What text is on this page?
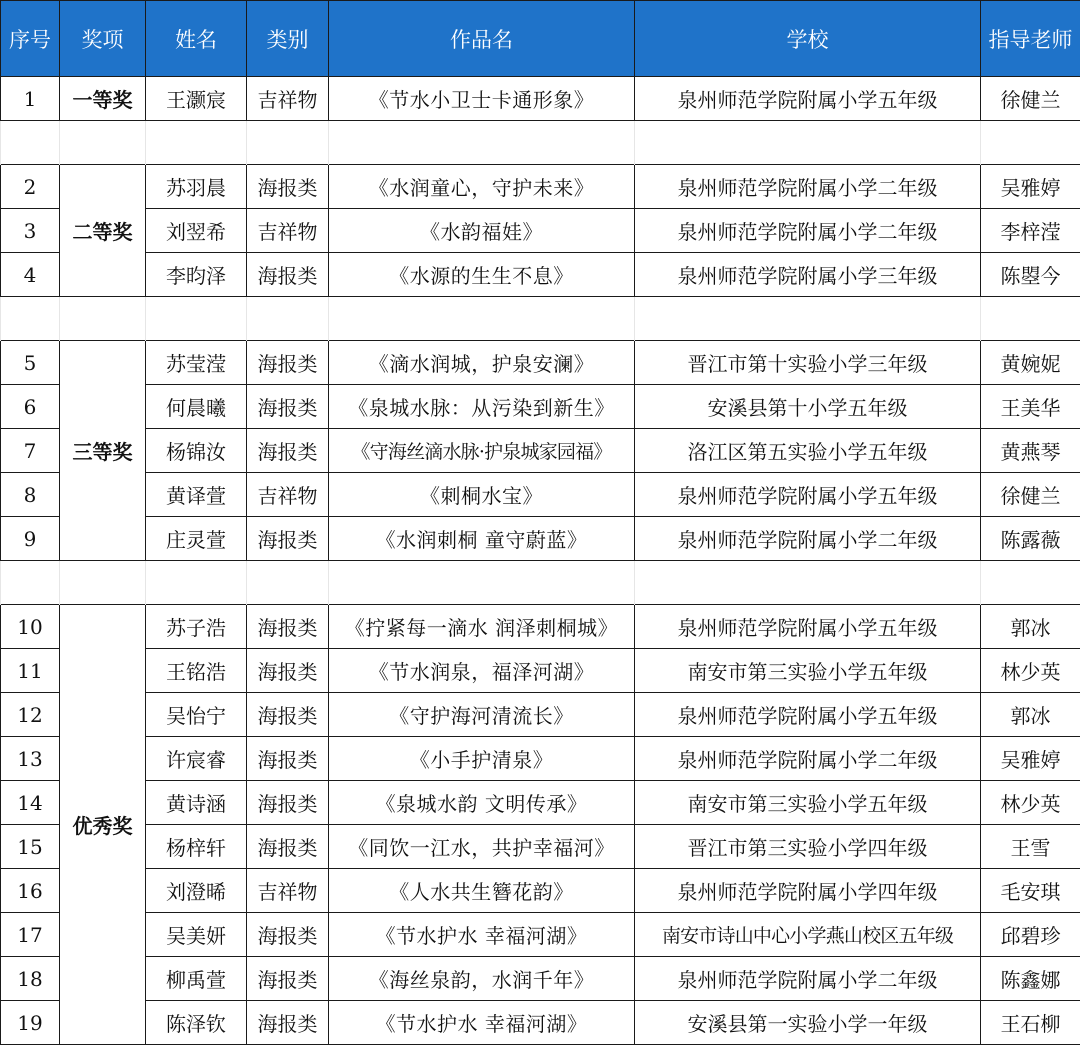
序号	奖项	姓名	类别	作品名	学校	指导老师
1	一等奖	王灏宸	吉祥物	《节水小卫士卡通形象》	泉州师范学院附属小学五年级	徐健兰

2	二等奖	苏羽晨	海报类	《水润童心，守护未来》	泉州师范学院附属小学二年级	吴雅婷
3		刘翌希	吉祥物	《水韵福娃》	泉州师范学院附属小学二年级	李梓滢
4		李昀泽	海报类	《水源的生生不息》	泉州师范学院附属小学三年级	陈曌今

5	三等奖	苏莹滢	海报类	《滴水润城，护泉安澜》	晋江市第十实验小学三年级	黄婉妮
6		何晨曦	海报类	《泉城水脉：从污染到新生》	安溪县第十小学五年级	王美华
7		杨锦汝	海报类	《守海丝滴水脉·护泉城家园福》	洛江区第五实验小学五年级	黄燕琴
8		黄译萱	吉祥物	《刺桐水宝》	泉州师范学院附属小学五年级	徐健兰
9		庄灵萱	海报类	《水润刺桐 童守蔚蓝》	泉州师范学院附属小学二年级	陈露薇

10	优秀奖	苏子浩	海报类	《拧紧每一滴水 润泽刺桐城》	泉州师范学院附属小学五年级	郭冰
11		王铭浩	海报类	《节水润泉，福泽河湖》	南安市第三实验小学五年级	林少英
12		吴怡宁	海报类	《守护海河清流长》	泉州师范学院附属小学五年级	郭冰
13		许宸睿	海报类	《小手护清泉》	泉州师范学院附属小学二年级	吴雅婷
14		黄诗涵	海报类	《泉城水韵 文明传承》	南安市第三实验小学五年级	林少英
15		杨梓轩	海报类	《同饮一江水，共护幸福河》	晋江市第三实验小学四年级	王雪
16		刘澄晞	吉祥物	《人水共生簪花韵》	泉州师范学院附属小学四年级	毛安琪
17		吴美妍	海报类	《节水护水 幸福河湖》	南安市诗山中心小学燕山校区五年级	邱碧珍
18		柳禹萱	海报类	《海丝泉韵，水润千年》	泉州师范学院附属小学二年级	陈鑫娜
19		陈泽钦	海报类	《节水护水 幸福河湖》	安溪县第一实验小学一年级	王石柳
